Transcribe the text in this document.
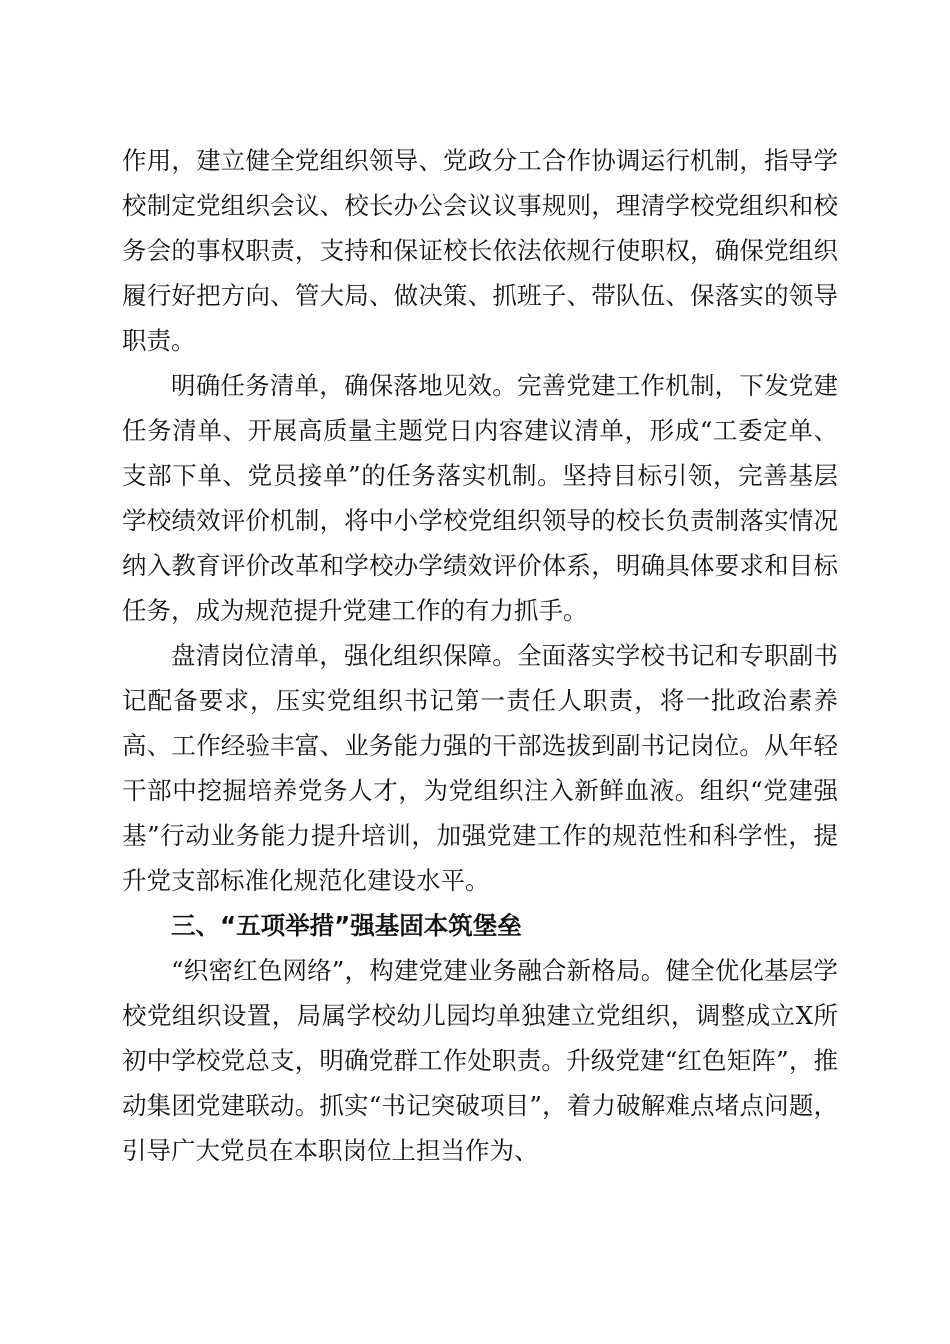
作用，建立健全党组织领导、党政分工合作协调运行机制，指导学校制定党组织会议、校长办公会议议事规则，理清学校党组织和校务会的事权职责，支持和保证校长依法依规行使职权，确保党组织履行好把方向、管大局、做决策、抓班子、带队伍、保落实的领导职责。

明确任务清单，确保落地见效。完善党建工作机制，下发党建任务清单、开展高质量主题党日内容建议清单，形成“工委定单、支部下单、党员接单”的任务落实机制。坚持目标引领，完善基层学校绩效评价机制，将中小学校党组织领导的校长负责制落实情况纳入教育评价改革和学校办学绩效评价体系，明确具体要求和目标任务，成为规范提升党建工作的有力抓手。

盘清岗位清单，强化组织保障。全面落实学校书记和专职副书记配备要求，压实党组织书记第一责任人职责，将一批政治素养高、工作经验丰富、业务能力强的干部选拔到副书记岗位。从年轻干部中挖掘培养党务人才，为党组织注入新鲜血液。组织“党建强基”行动业务能力提升培训，加强党建工作的规范性和科学性，提升党支部标准化规范化建设水平。

三、“五项举措”强基固本筑堡垒

“织密红色网络”，构建党建业务融合新格局。健全优化基层学校党组织设置，局属学校幼儿园均单独建立党组织，调整成立X所初中学校党总支，明确党群工作处职责。升级党建“红色矩阵”，推动集团党建联动。抓实“书记突破项目”，着力破解难点堵点问题，引导广大党员在本职岗位上担当作为、
